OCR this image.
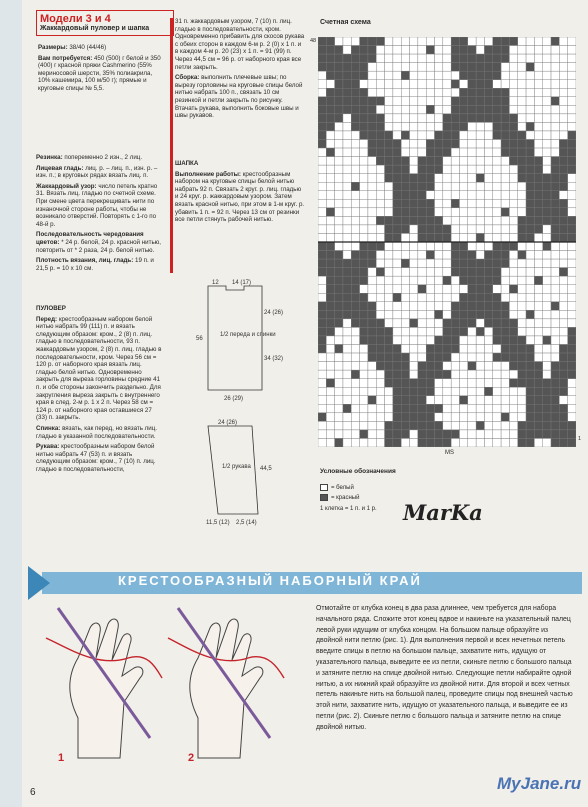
Модели 3 и 4
Жаккардовый пуловер и шапка

Размеры: 38/40 (44/46)

Вам потребуется: 450 (500) г белой и 350 (400) г красной пряжи Cashmerino (55% мериносовой шерсти, 35% полиакрила, 10% кашемира, 100 м/50 г); прямые и круговые спицы № 5,5.

Резинка: попеременно 2 изн., 2 лиц.

Лицевая гладь: лиц. р. – лиц. п., изн. р. – изн. п.; в круговых рядах вязать лиц. п.

Жаккардовый узор: число петель кратно 31. Вязать лиц. гладью по счетной схеме. При смене цвета перекрещивать нити по изнаночной стороне работы, чтобы не возникало отверстий. Повторять с 1-го по 48-й р.

Последовательность чередования цветов: * 24 р. белой, 24 р. красной нитью, повторить от * 2 раза, 24 р. белой нитью.

Плотность вязания, лиц. гладь: 19 п. и 21,5 р. = 10 х 10 см.

ПУЛОВЕР

Перед: крестообразным набором белой нитью набрать 99 (111) п. и вязать следующим образом: кром., 2 (8) п. лиц. гладью в последовательности, 93 п. жаккардовым узором, 2 (8) п. лиц. гладью в последовательности, кром. Через 56 см = 120 р. от наборного края вязать лиц. гладью белой нитью. Одновременно закрыть для выреза горловины средние 41 п. и обе стороны закончить раздельно. Для закругления выреза закрыть с внутреннего края в след. 2-м р. 1 х 2 п. Через 58 см = 124 р. от наборного края оставшиеся 27 (33) п. закрыть.

Спинка: вязать, как перед, но вязать лиц. гладью в указанной последовательности.

Рукава: крестообразным набором белой нитью набрать 47 (53) п. и вязать следующим образом: кром., 7 (10) п. лиц. гладью в последовательности,

31 п. жаккардовым узором, 7 (10) п. лиц. гладью в последовательности, кром. Одновременно прибавить для скосов рукава с обеих сторон в каждом 6-м р. 2 (0) х 1 п. и в каждом 4-м р. 20 (23) х 1 п. = 91 (99) п. Через 44,5 см = 96 р. от наборного края все петли закрыть.

Сборка: выполнить плечевые швы; по вырезу горловины на круговые спицы белой нитью набрать 100 п., связать 10 см резинкой и петли закрыть по рисунку. Втачать рукава, выполнить боковые швы и швы рукавов.

ШАПКА

Выполнение работы: крестообразным набором на круговые спицы белой нитью набрать 92 п. Связать 2 круг. р. лиц. гладью и 24 круг. р. жаккардовым узором. Затем вязать красной нитью, при этом в 1-м круг. р. убавить 1 п. = 92 п. Через 13 см от резинки все петли стянуть рабочей нитью.

12 14 (17)
24 (26)
56
1/2 переда и спинки
34 (32)
26 (29)
24 (26)
1/2 рукава 44,5
11,5 (12) 2,5 (14)
Счетная схема
48
1
MS
Условные обозначения
= белый
= красный
1 клетка = 1 п. и 1 р. MarKa
КРЕСТООБРАЗНЫЙ НАБОРНЫЙ КРАЙ
1	2
Отмотайте от клубка конец в два раза длиннее, чем требуется для набора начального ряда. Сложите этот конец вдвое и накиньте на указательный палец левой руки идущим от клубка концом. На большом пальце образуйте из двойной нити петлю (рис. 1). Для выполнения первой и всех нечетных петель введите спицы в петлю на большом пальце, захватите нить, идущую от указательного пальца, выведите ее из петли, скиньте петлю с большого пальца и затяните петлю на спице двойной нитью. Следующие петли набирайте одной нитью, а их нижний край образуйте из двойной нити. Для второй и всех четных петель накиньте нить на большой палец, проведите спицы под внешней частью этой нити, захватите нить, идущую от указательного пальца, и выведите ее из петли (рис. 2). Скиньте петлю с большого пальца и затяните петлю на спице двойной нитью.
6	MyJane.ru
